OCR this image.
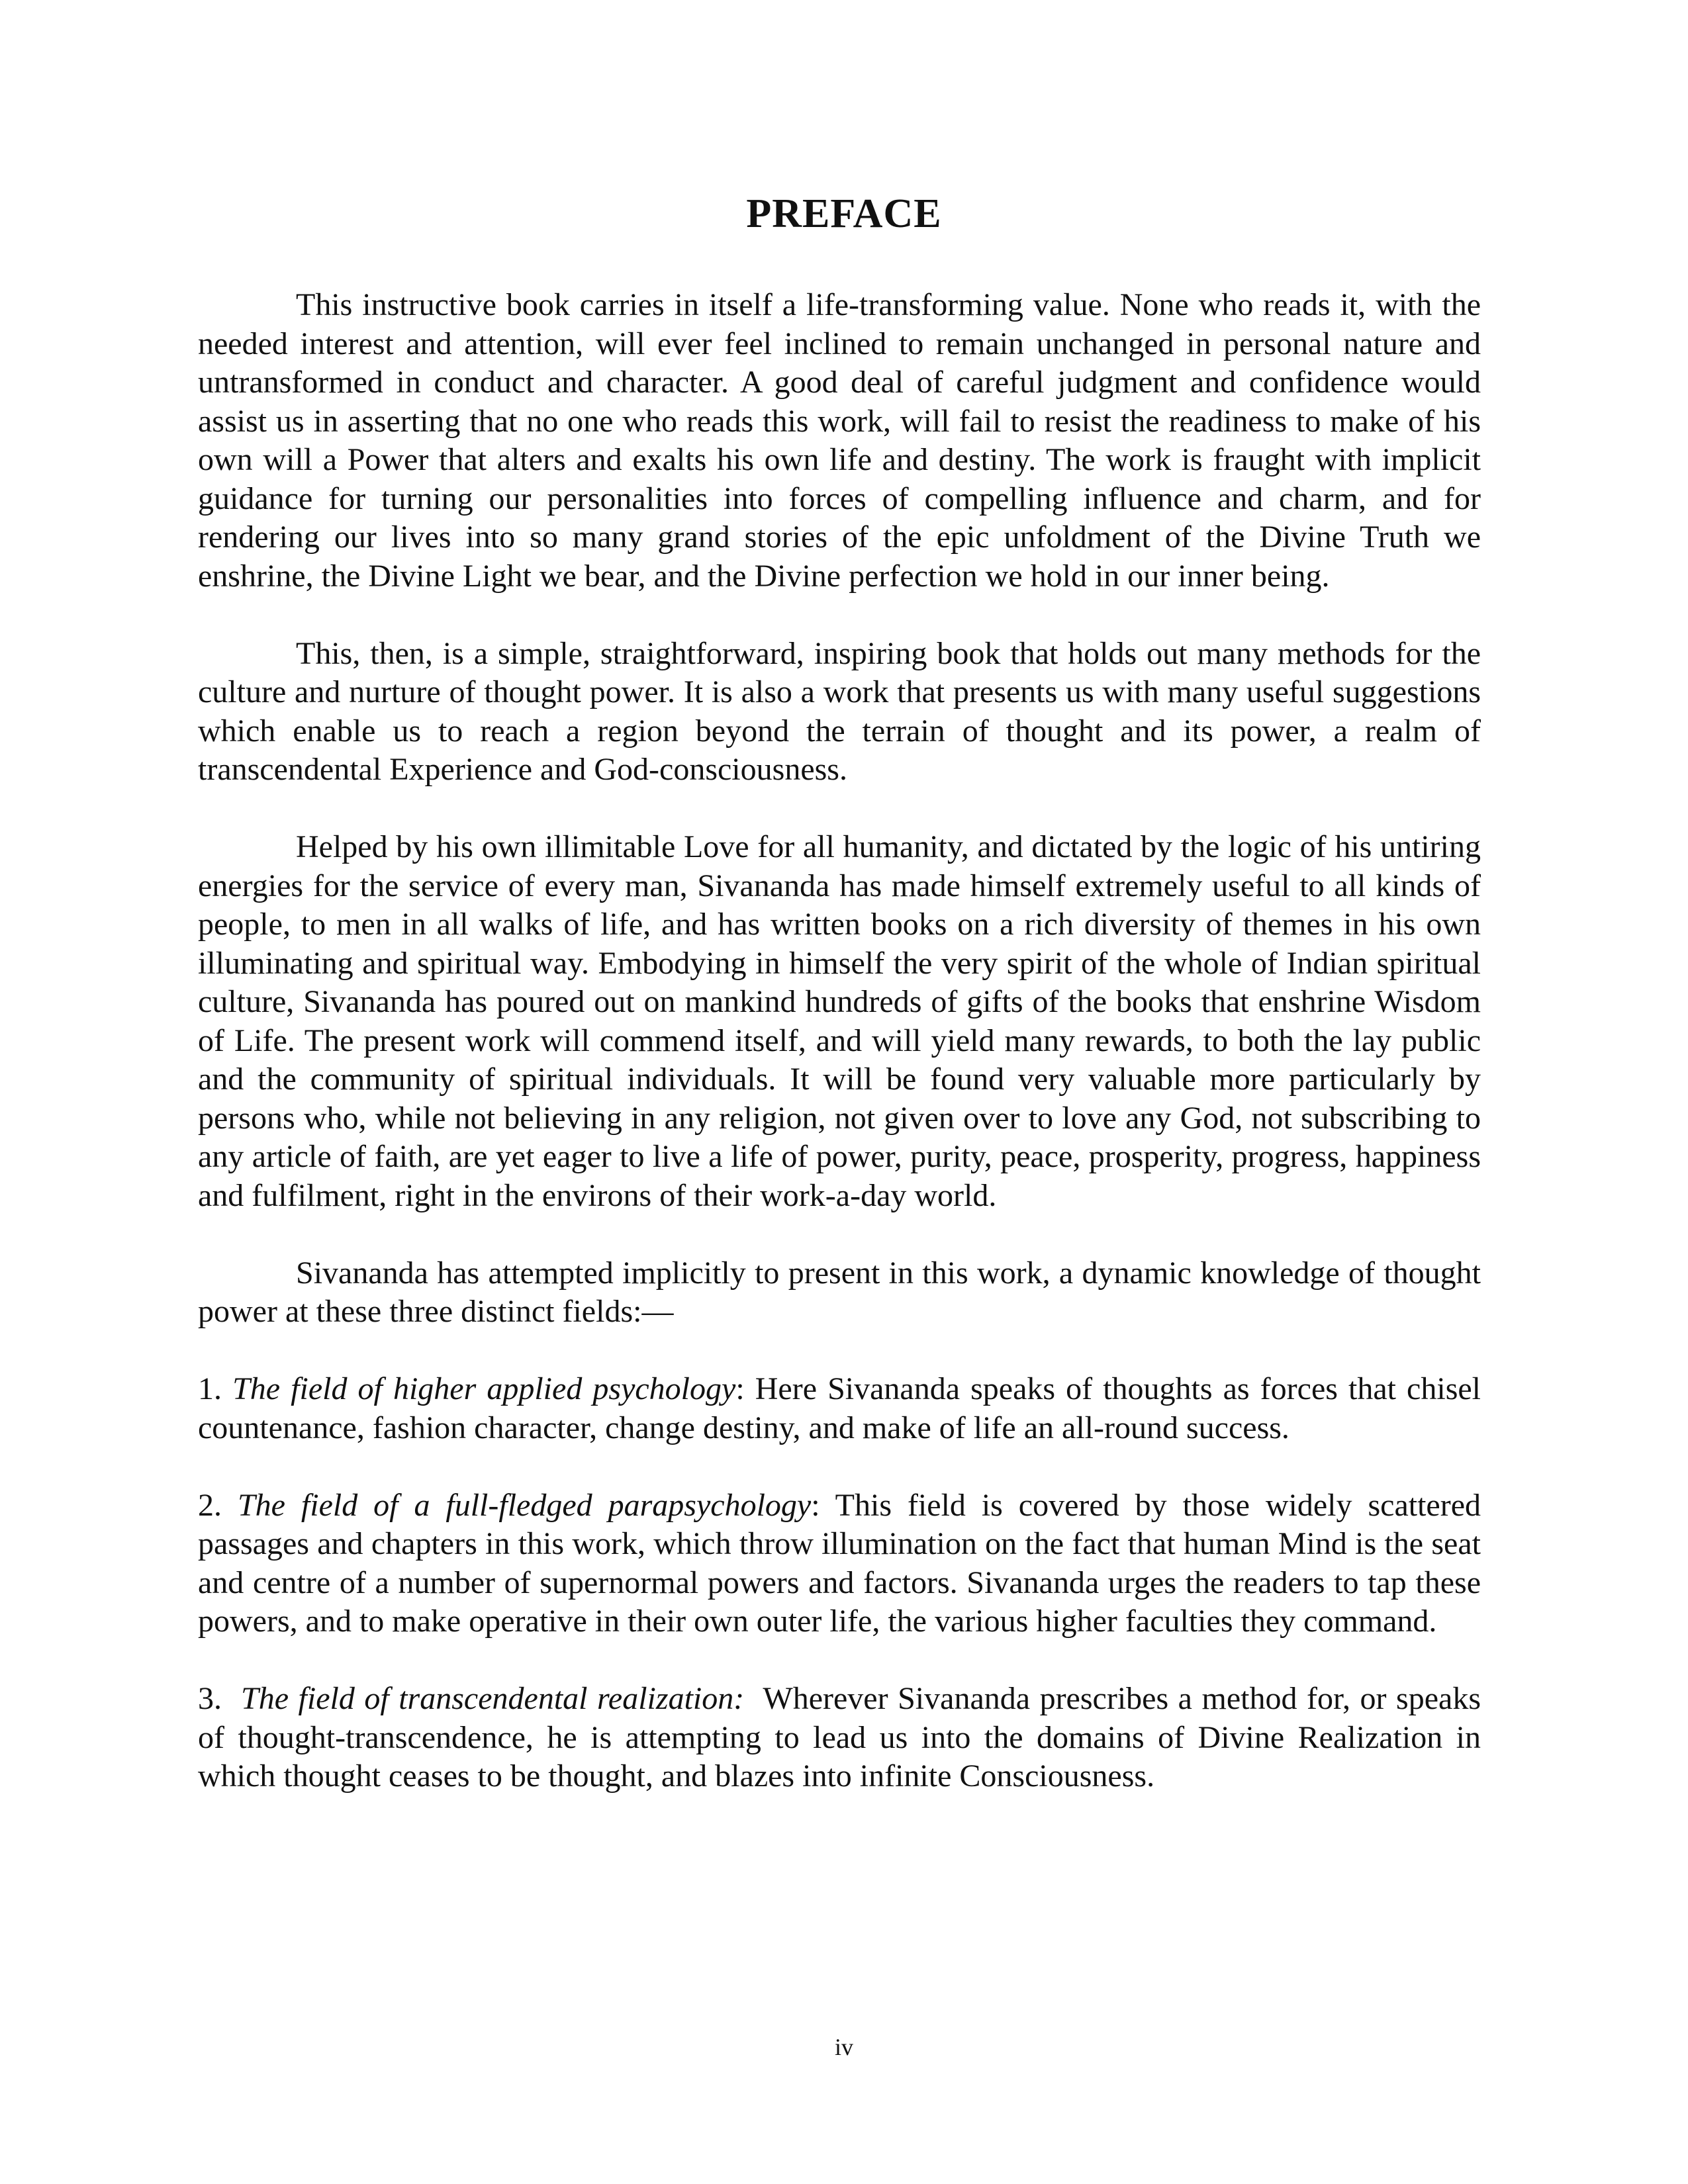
PREFACE

This instructive book carries in itself a life-transforming value. None who reads it, with the needed interest and attention, will ever feel inclined to remain unchanged in personal nature and untransformed in conduct and character. A good deal of careful judgment and confidence would assist us in asserting that no one who reads this work, will fail to resist the readiness to make of his own will a Power that alters and exalts his own life and destiny. The work is fraught with implicit guidance for turning our personalities into forces of compelling influence and charm, and for rendering our lives into so many grand stories of the epic unfoldment of the Divine Truth we enshrine, the Divine Light we bear, and the Divine perfection we hold in our inner being.

This, then, is a simple, straightforward, inspiring book that holds out many methods for the culture and nurture of thought power. It is also a work that presents us with many useful suggestions which enable us to reach a region beyond the terrain of thought and its power, a realm of transcendental Experience and God-consciousness.

Helped by his own illimitable Love for all humanity, and dictated by the logic of his untiring energies for the service of every man, Sivananda has made himself extremely useful to all kinds of people, to men in all walks of life, and has written books on a rich diversity of themes in his own illuminating and spiritual way. Embodying in himself the very spirit of the whole of Indian spiritual culture, Sivananda has poured out on mankind hundreds of gifts of the books that enshrine Wisdom of Life. The present work will commend itself, and will yield many rewards, to both the lay public and the community of spiritual individuals. It will be found very valuable more particularly by persons who, while not believing in any religion, not given over to love any God, not subscribing to any article of faith, are yet eager to live a life of power, purity, peace, prosperity, progress, happiness and fulfilment, right in the environs of their work-a-day world.

Sivananda has attempted implicitly to present in this work, a dynamic knowledge of thought power at these three distinct fields:—

1. The field of higher applied psychology: Here Sivananda speaks of thoughts as forces that chisel countenance, fashion character, change destiny, and make of life an all-round success.

2. The field of a full-fledged parapsychology: This field is covered by those widely scattered passages and chapters in this work, which throw illumination on the fact that human Mind is the seat and centre of a number of supernormal powers and factors. Sivananda urges the readers to tap these powers, and to make operative in their own outer life, the various higher faculties they command.

3. The field of transcendental realization: Wherever Sivananda prescribes a method for, or speaks of thought-transcendence, he is attempting to lead us into the domains of Divine Realization in which thought ceases to be thought, and blazes into infinite Consciousness.

iv
